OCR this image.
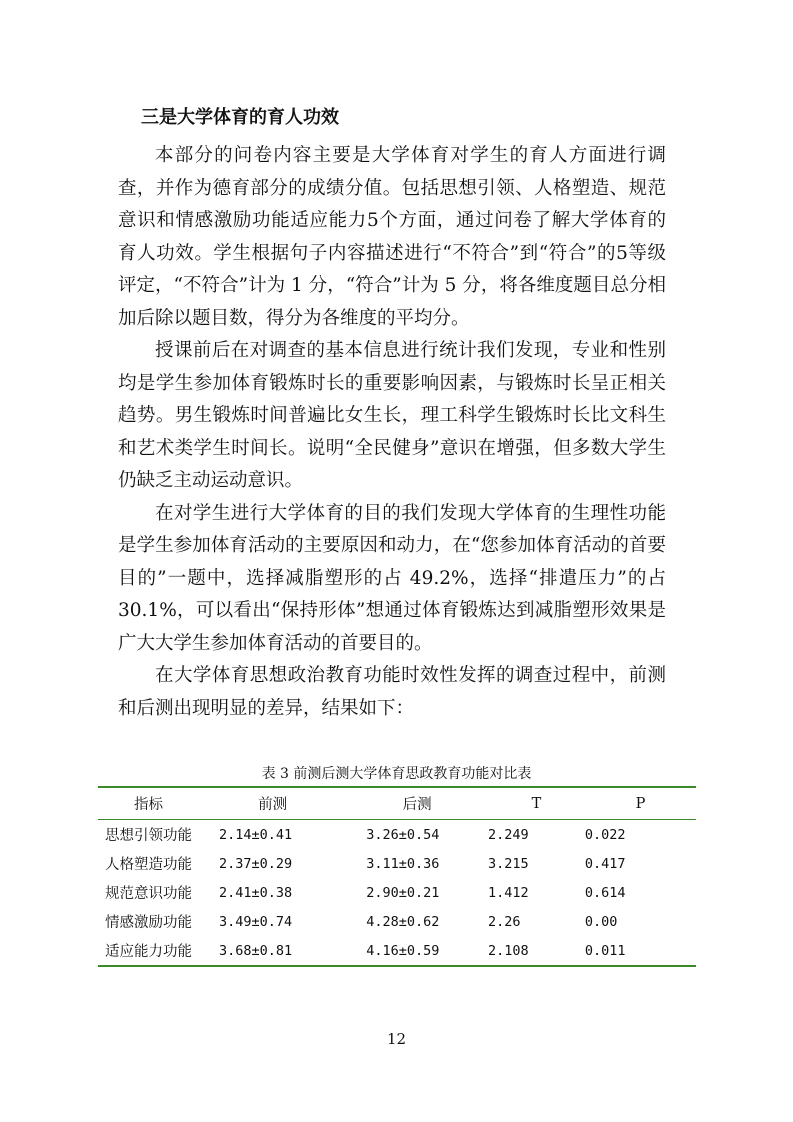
三是大学体育的育人功效

本部分的问卷内容主要是大学体育对学生的育人方面进行调查，并作为德育部分的成绩分值。包括思想引领、人格塑造、规范意识和情感激励功能适应能力5个方面，通过问卷了解大学体育的育人功效。学生根据句子内容描述进行“不符合”到“符合”的5等级评定，“不符合”计为 1 分，“符合”计为 5 分，将各维度题目总分相加后除以题目数，得分为各维度的平均分。

授课前后在对调查的基本信息进行统计我们发现，专业和性别均是学生参加体育锻炼时长的重要影响因素，与锻炼时长呈正相关趋势。男生锻炼时间普遍比女生长，理工科学生锻炼时长比文科生和艺术类学生时间长。说明“全民健身”意识在增强，但多数大学生仍缺乏主动运动意识。

在对学生进行大学体育的目的我们发现大学体育的生理性功能是学生参加体育活动的主要原因和动力，在“您参加体育活动的首要目的”一题中，选择减脂塑形的占 49.2%，选择“排遣压力”的占 30.1%，可以看出“保持形体”想通过体育锻炼达到减脂塑形效果是广大大学生参加体育活动的首要目的。

在大学体育思想政治教育功能时效性发挥的调查过程中，前测和后测出现明显的差异，结果如下：

表 3 前测后测大学体育思政教育功能对比表

指标	前测	后测	T	P
思想引领功能	2.14±0.41	3.26±0.54	2.249	0.022
人格塑造功能	2.37±0.29	3.11±0.36	3.215	0.417
规范意识功能	2.41±0.38	2.90±0.21	1.412	0.614
情感激励功能	3.49±0.74	4.28±0.62	2.26	0.00
适应能力功能	3.68±0.81	4.16±0.59	2.108	0.011

12
